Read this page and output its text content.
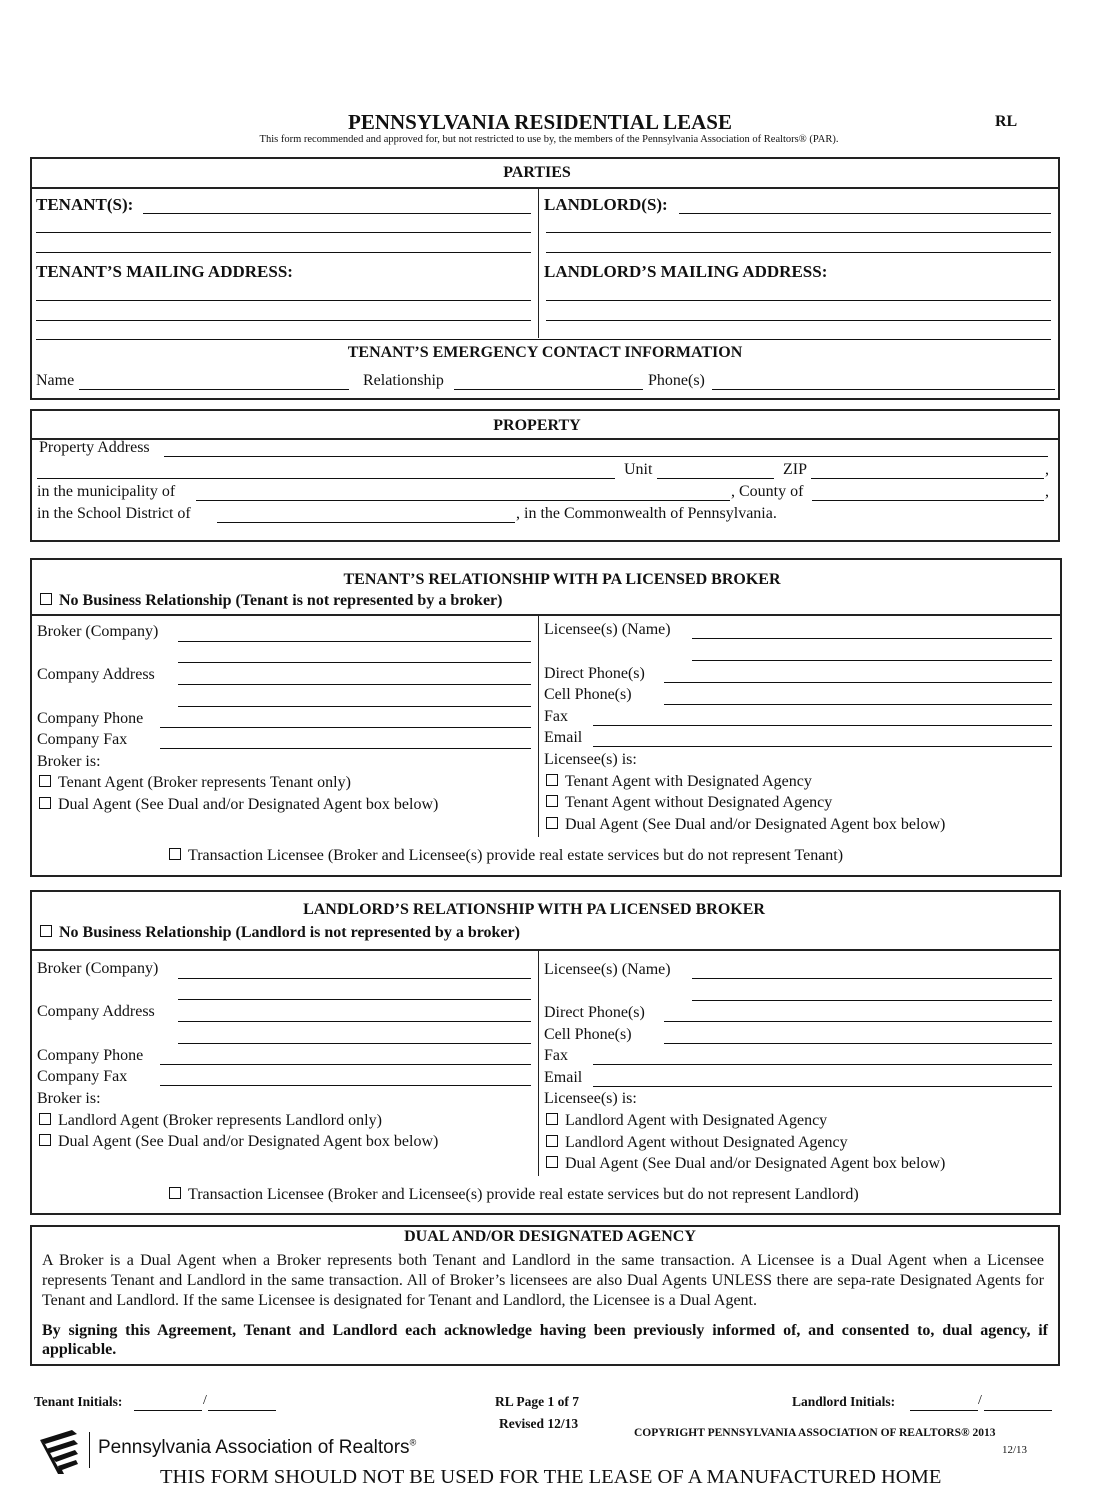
PENNSYLVANIA RESIDENTIAL LEASE	RL
This form recommended and approved for, but not restricted to use by, the members of the Pennsylvania Association of Realtors® (PAR).
PARTIES
TENANT(S):	LANDLORD(S):
TENANT’S MAILING ADDRESS:	LANDLORD’S MAILING ADDRESS:
TENANT’S EMERGENCY CONTACT INFORMATION
Name	Relationship	Phone(s)
PROPERTY
Property Address
Unit	ZIP	,
in the municipality of	, County of	,
in the School District of	, in the Commonwealth of Pennsylvania.
TENANT’S RELATIONSHIP WITH PA LICENSED BROKER
No Business Relationship (Tenant is not represented by a broker)
Broker (Company)
Company Address
Company Phone
Company Fax
Broker is:
Tenant Agent (Broker represents Tenant only)
Dual Agent (See Dual and/or Designated Agent box below)
Licensee(s) (Name)
Direct Phone(s)
Cell Phone(s)
Fax
Email
Licensee(s) is:
Tenant Agent with Designated Agency
Tenant Agent without Designated Agency
Dual Agent (See Dual and/or Designated Agent box below)
Transaction Licensee (Broker and Licensee(s) provide real estate services but do not represent Tenant)
LANDLORD’S RELATIONSHIP WITH PA LICENSED BROKER
No Business Relationship (Landlord is not represented by a broker)
Broker (Company)
Company Address
Company Phone
Company Fax
Broker is:
Landlord Agent (Broker represents Landlord only)
Dual Agent (See Dual and/or Designated Agent box below)
Licensee(s) (Name)
Direct Phone(s)
Cell Phone(s)
Fax
Email
Licensee(s) is:
Landlord Agent with Designated Agency
Landlord Agent without Designated Agency
Dual Agent (See Dual and/or Designated Agent box below)
Transaction Licensee (Broker and Licensee(s) provide real estate services but do not represent Landlord)
DUAL AND/OR DESIGNATED AGENCY
A Broker is a Dual Agent when a Broker represents both Tenant and Landlord in the same transaction. A Licensee is a Dual Agent when a Licensee represents Tenant and Landlord in the same transaction. All of Broker’s licensees are also Dual Agents UNLESS there are sepa-rate Designated Agents for Tenant and Landlord. If the same Licensee is designated for Tenant and Landlord, the Licensee is a Dual Agent.
By signing this Agreement, Tenant and Landlord each acknowledge having been previously informed of, and consented to, dual agency, if applicable.
Tenant Initials:	/	RL Page 1 of 7
Revised 12/13
Landlord Initials:	/
COPYRIGHT PENNSYLVANIA ASSOCIATION OF REALTORS® 2013
12/13
Pennsylvania Association of Realtors®
THIS FORM SHOULD NOT BE USED FOR THE LEASE OF A MANUFACTURED HOME
